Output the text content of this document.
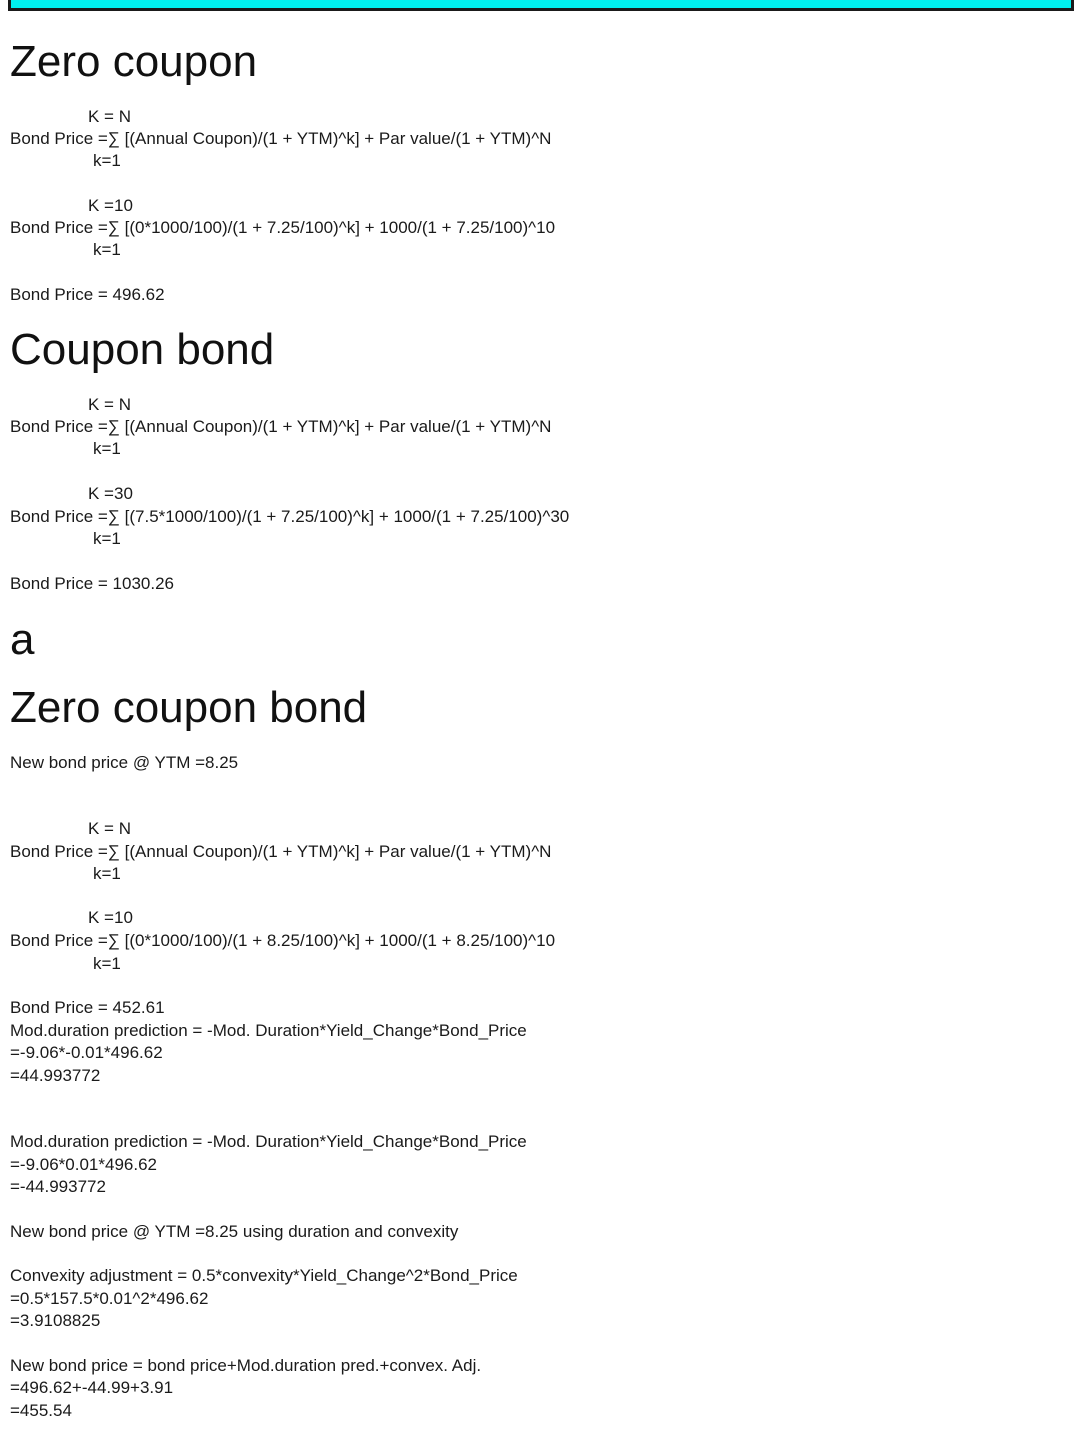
Zero coupon
K = N
Bond Price =∑ [(Annual Coupon)/(1 + YTM)^k] + Par value/(1 + YTM)^N
k=1
K =10
Bond Price =∑ [(0*1000/100)/(1 + 7.25/100)^k] + 1000/(1 + 7.25/100)^10
k=1
Bond Price = 496.62
Coupon bond
K = N
Bond Price =∑ [(Annual Coupon)/(1 + YTM)^k] + Par value/(1 + YTM)^N
k=1
K =30
Bond Price =∑ [(7.5*1000/100)/(1 + 7.25/100)^k] + 1000/(1 + 7.25/100)^30
k=1
Bond Price = 1030.26
a
Zero coupon bond
New bond price @ YTM =8.25
K = N
Bond Price =∑ [(Annual Coupon)/(1 + YTM)^k] + Par value/(1 + YTM)^N
k=1
K =10
Bond Price =∑ [(0*1000/100)/(1 + 8.25/100)^k] + 1000/(1 + 8.25/100)^10
k=1
Bond Price = 452.61
Mod.duration prediction = -Mod. Duration*Yield_Change*Bond_Price
=-9.06*-0.01*496.62
=44.993772
Mod.duration prediction = -Mod. Duration*Yield_Change*Bond_Price
=-9.06*0.01*496.62
=-44.993772
New bond price @ YTM =8.25 using duration and convexity
Convexity adjustment = 0.5*convexity*Yield_Change^2*Bond_Price
=0.5*157.5*0.01^2*496.62
=3.9108825
New bond price = bond price+Mod.duration pred.+convex. Adj.
=496.62+-44.99+3.91
=455.54
